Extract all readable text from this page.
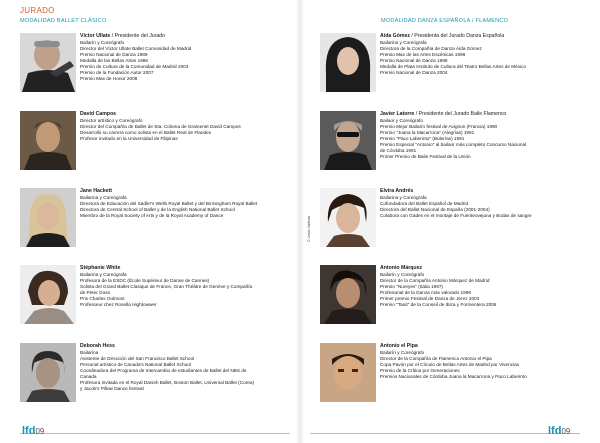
JURADO
MODALIDAD BALLET CLÁSICO
Víctor Ullate / Presidente del Jurado
Bailarín y Coreógrafo
Director del Víctor Ullate Ballet Comunidad de Madrid
Premio Nacional de Danza 1989
Medalla de las Bellas Artes 1996
Premio de Cultura de la Comunidad de Madrid 2003
Premio de la Fundación Autor 2007
Premio Max de Honor 2008
David Campos
Director artístico y Coreógrafo
Director del Compañía de Ballet de Sta. Coloma de Gramenet David Campos
Desarrolló su carrera como solista en el Ballet Real de Flandes
Profesor invitado en la Universidad de Filipinas
Jane Hackett
Bailarina y Coreógrafa
Directora de Educación del Sadler's Wells Royal Ballet y del Birmingham Royal Ballet
Directora de Central School of Ballet y de la English National Ballet School
Miembro de la Royal Society of Arts y de la Royal Academy of Dance
Stéphanie White
Bailarina y Coreógrafa
Profesora de la ESDC (École Supérieur de Danse de Cannes)
Solista del Grand Ballet Clasique de France, Gran Théâtre de Genève y Compañía
de Peter Goss
Prix Charles Oulmont
Professeur chez Rosella Hightowwer
Deborah Hess
Bailarina
Asistente de Dirección del San Francisco Ballet School
Personal artístico de Canada's National Ballet School
Coordinadora del Programa de Intercambio de estudiantes de Ballet del NBS de
Canada
Profesora invitada en el Royal Danish Ballet, Boston Ballet, Universal Ballet (Corea)
y Jacob's Pillow Dance festival
MODALIDAD DANZA ESPAÑOLA / FLAMENCO
Aída Gómez / Presidenta del Jurado Danza Española
Bailarina y Coreógrafa
Directora de la Compañía de Danza Aída Gómez
Premio Max de las Artes Escénicas 1998
Premio Nacional de Danza 1998
Medalla de Plata Instituto de Cultura del Teatro Bellas Artes de México
Premio Nacional de Danza 2004
Javier Latorre / Presidente del Jurado Baile Flamenco
Bailaor y Coreógrafo
Premio Mejor Bailarín festival de Avignon (Francia) 1990
Premio "Juana la Macarrona" (Alegrías) 1991
Premio "Paco Laberinto" (Bulerías) 1991
Premio Especial "Antonio" al bailaor más completo Concurso Nacional
de Córdoba 1991
Primer Premio de Baile Festival de la Unión
Elvira Andrés
Bailarina y Coreógrafa
Cofundadora del Ballet Español de Madrid
Directora del Ballet Nacional de España (2001-2004)
Colabora con Gades en el montaje de Fuenteovejuna y Bodas de sangre
Antonio Márquez
Bailarín y Coreógrafo
Director de la Compañía Antonio Márquez de Madrid
Premio "Nureyev" (Italia 1997)
Profesional de la Danza más valorado 1998
Primer premio Festival de Danza de Jerez 2003
Premio "Tanit" de la Conseil de Ibiza y Formentera 2006
Antonio el Pipa
Bailarín y Coreógrafo
Director de la Compañía de Flamenco Antonio el Pipa
Copa Pavón por el Círculo de Bellas Artes de Madrid por Vivencias
Premio de la Crítica por Generaciones
Premios Nacionales de Córdoba Juana la Macarrona y Paco Laberinto
© Jesús Vallinas
lfd09	lfd09
